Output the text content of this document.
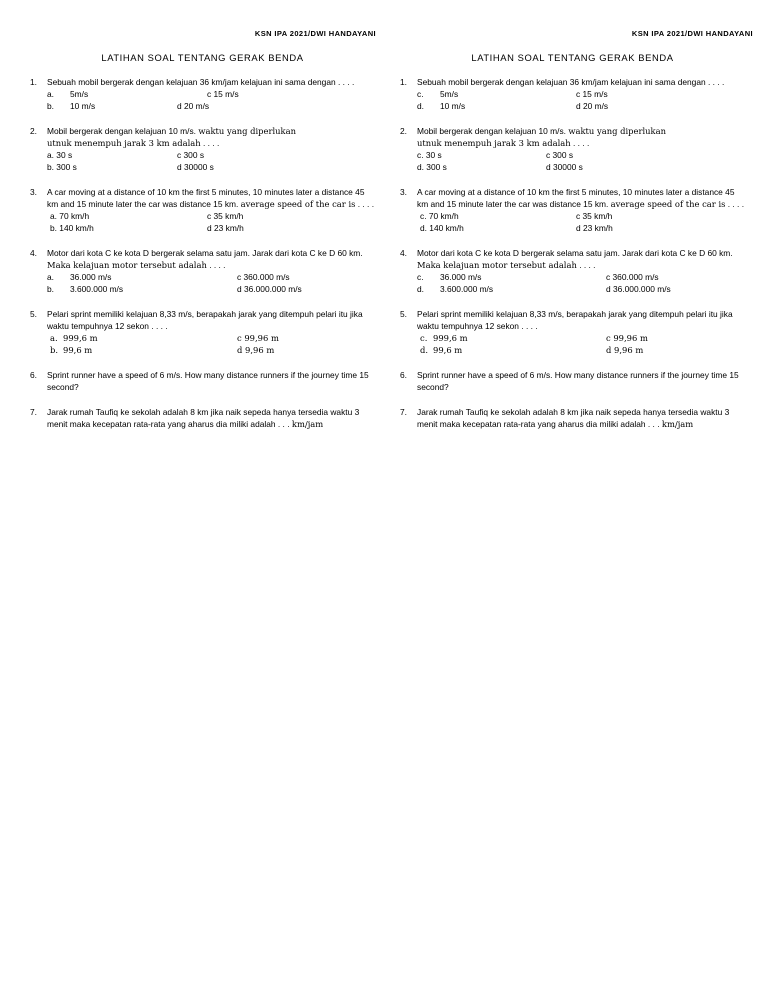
KSN IPA 2021/DWI HANDAYANI
LATIHAN SOAL TENTANG GERAK BENDA
1. Sebuah mobil bergerak dengan kelajuan 36 km/jam kelajuan ini sama dengan . . . .
a. 5m/s	c 15 m/s
b. 10 m/s	d 20 m/s
2. Mobil bergerak dengan kelajuan 10 m/s. waktu yang diperlukan
utnuk menempuh jarak 3 km adalah . . . .
a. 30 s	c 300 s
b. 300 s	d 30000 s
3. A car moving at a distance of 10 km the first 5 minutes, 10 minutes later a distance 45 km and 15 minute later the car was distance 15 km. average speed of the car is . . . .
a. 70 km/h	c 35 km/h
b. 140 km/h	d 23 km/h
4. Motor dari kota C ke kota D bergerak selama satu jam. Jarak dari kota C ke D 60 km. Maka kelajuan motor tersebut adalah . . . .
a. 36.000 m/s	c 360.000 m/s
b. 3.600.000 m/s	d 36.000.000 m/s
5. Pelari sprint memiliki kelajuan 8,33 m/s, berapakah jarak yang ditempuh pelari itu jika waktu tempuhnya 12 sekon . . . .
a. 999,6 m	c 99,96 m
b. 99,6 m	d 9,96 m
6. Sprint runner have a speed of 6 m/s. How many distance runners if the journey time 15 second?
7. Jarak rumah Taufiq ke sekolah adalah 8 km jika naik sepeda hanya tersedia waktu 3 menit maka kecepatan rata-rata yang aharus dia miliki adalah . . . km/jam
KSN IPA 2021/DWI HANDAYANI
LATIHAN SOAL TENTANG GERAK BENDA
1. Sebuah mobil bergerak dengan kelajuan 36 km/jam kelajuan ini sama dengan . . . .
c. 5m/s	c 15 m/s
d. 10 m/s	d 20 m/s
2. Mobil bergerak dengan kelajuan 10 m/s. waktu yang diperlukan
utnuk menempuh jarak 3 km adalah . . . .
c. 30 s	c 300 s
d. 300 s	d 30000 s
3. A car moving at a distance of 10 km the first 5 minutes, 10 minutes later a distance 45 km and 15 minute later the car was distance 15 km. average speed of the car is . . . .
c. 70 km/h	c 35 km/h
d. 140 km/h	d 23 km/h
4. Motor dari kota C ke kota D bergerak selama satu jam. Jarak dari kota C ke D 60 km. Maka kelajuan motor tersebut adalah . . . .
c. 36.000 m/s	c 360.000 m/s
d. 3.600.000 m/s	d 36.000.000 m/s
5. Pelari sprint memiliki kelajuan 8,33 m/s, berapakah jarak yang ditempuh pelari itu jika waktu tempuhnya 12 sekon . . . .
c. 999,6 m	c 99,96 m
d. 99,6 m	d 9,96 m
6. Sprint runner have a speed of 6 m/s. How many distance runners if the journey time 15 second?
7. Jarak rumah Taufiq ke sekolah adalah 8 km jika naik sepeda hanya tersedia waktu 3 menit maka kecepatan rata-rata yang aharus dia miliki adalah . . . km/jam
